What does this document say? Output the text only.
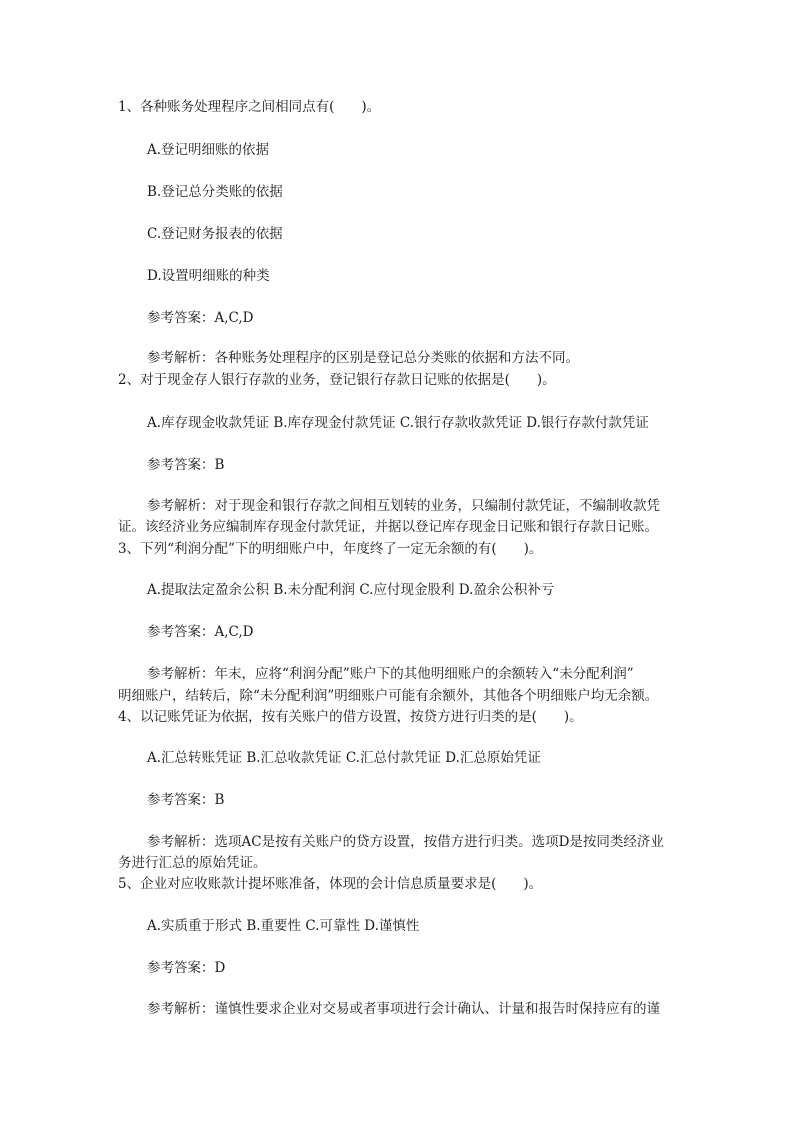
1、各种账务处理程序之间相同点有(　　)。
A.登记明细账的依据
B.登记总分类账的依据
C.登记财务报表的依据
D.设置明细账的种类
参考答案：A,C,D
参考解析：各种账务处理程序的区别是登记总分类账的依据和方法不同。
2、对于现金存人银行存款的业务，登记银行存款日记账的依据是(　　)。
A.库存现金收款凭证 B.库存现金付款凭证 C.银行存款收款凭证 D.银行存款付款凭证
参考答案：B
参考解析：对于现金和银行存款之间相互划转的业务，只编制付款凭证，不编制收款凭
证。该经济业务应编制库存现金付款凭证，并据以登记库存现金日记账和银行存款日记账。
3、下列“利润分配”下的明细账户中，年度终了一定无余额的有(　　)。
A.提取法定盈余公积 B.未分配利润 C.应付现金股利 D.盈余公积补亏
参考答案：A,C,D
参考解析：年末，应将“利润分配”账户下的其他明细账户的余额转入“未分配利润”
明细账户，结转后，除“未分配利润”明细账户可能有余额外，其他各个明细账户均无余额。
4、以记账凭证为依据，按有关账户的借方设置，按贷方进行归类的是(　　)。
A.汇总转账凭证 B.汇总收款凭证 C.汇总付款凭证 D.汇总原始凭证
参考答案：B
参考解析：选项AC是按有关账户的贷方设置，按借方进行归类。选项D是按同类经济业
务进行汇总的原始凭证。
5、企业对应收账款计提坏账准备，体现的会计信息质量要求是(　　)。
A.实质重于形式 B.重要性 C.可靠性 D.谨慎性
参考答案：D
参考解析：谨慎性要求企业对交易或者事项进行会计确认、计量和报告时保持应有的谨
